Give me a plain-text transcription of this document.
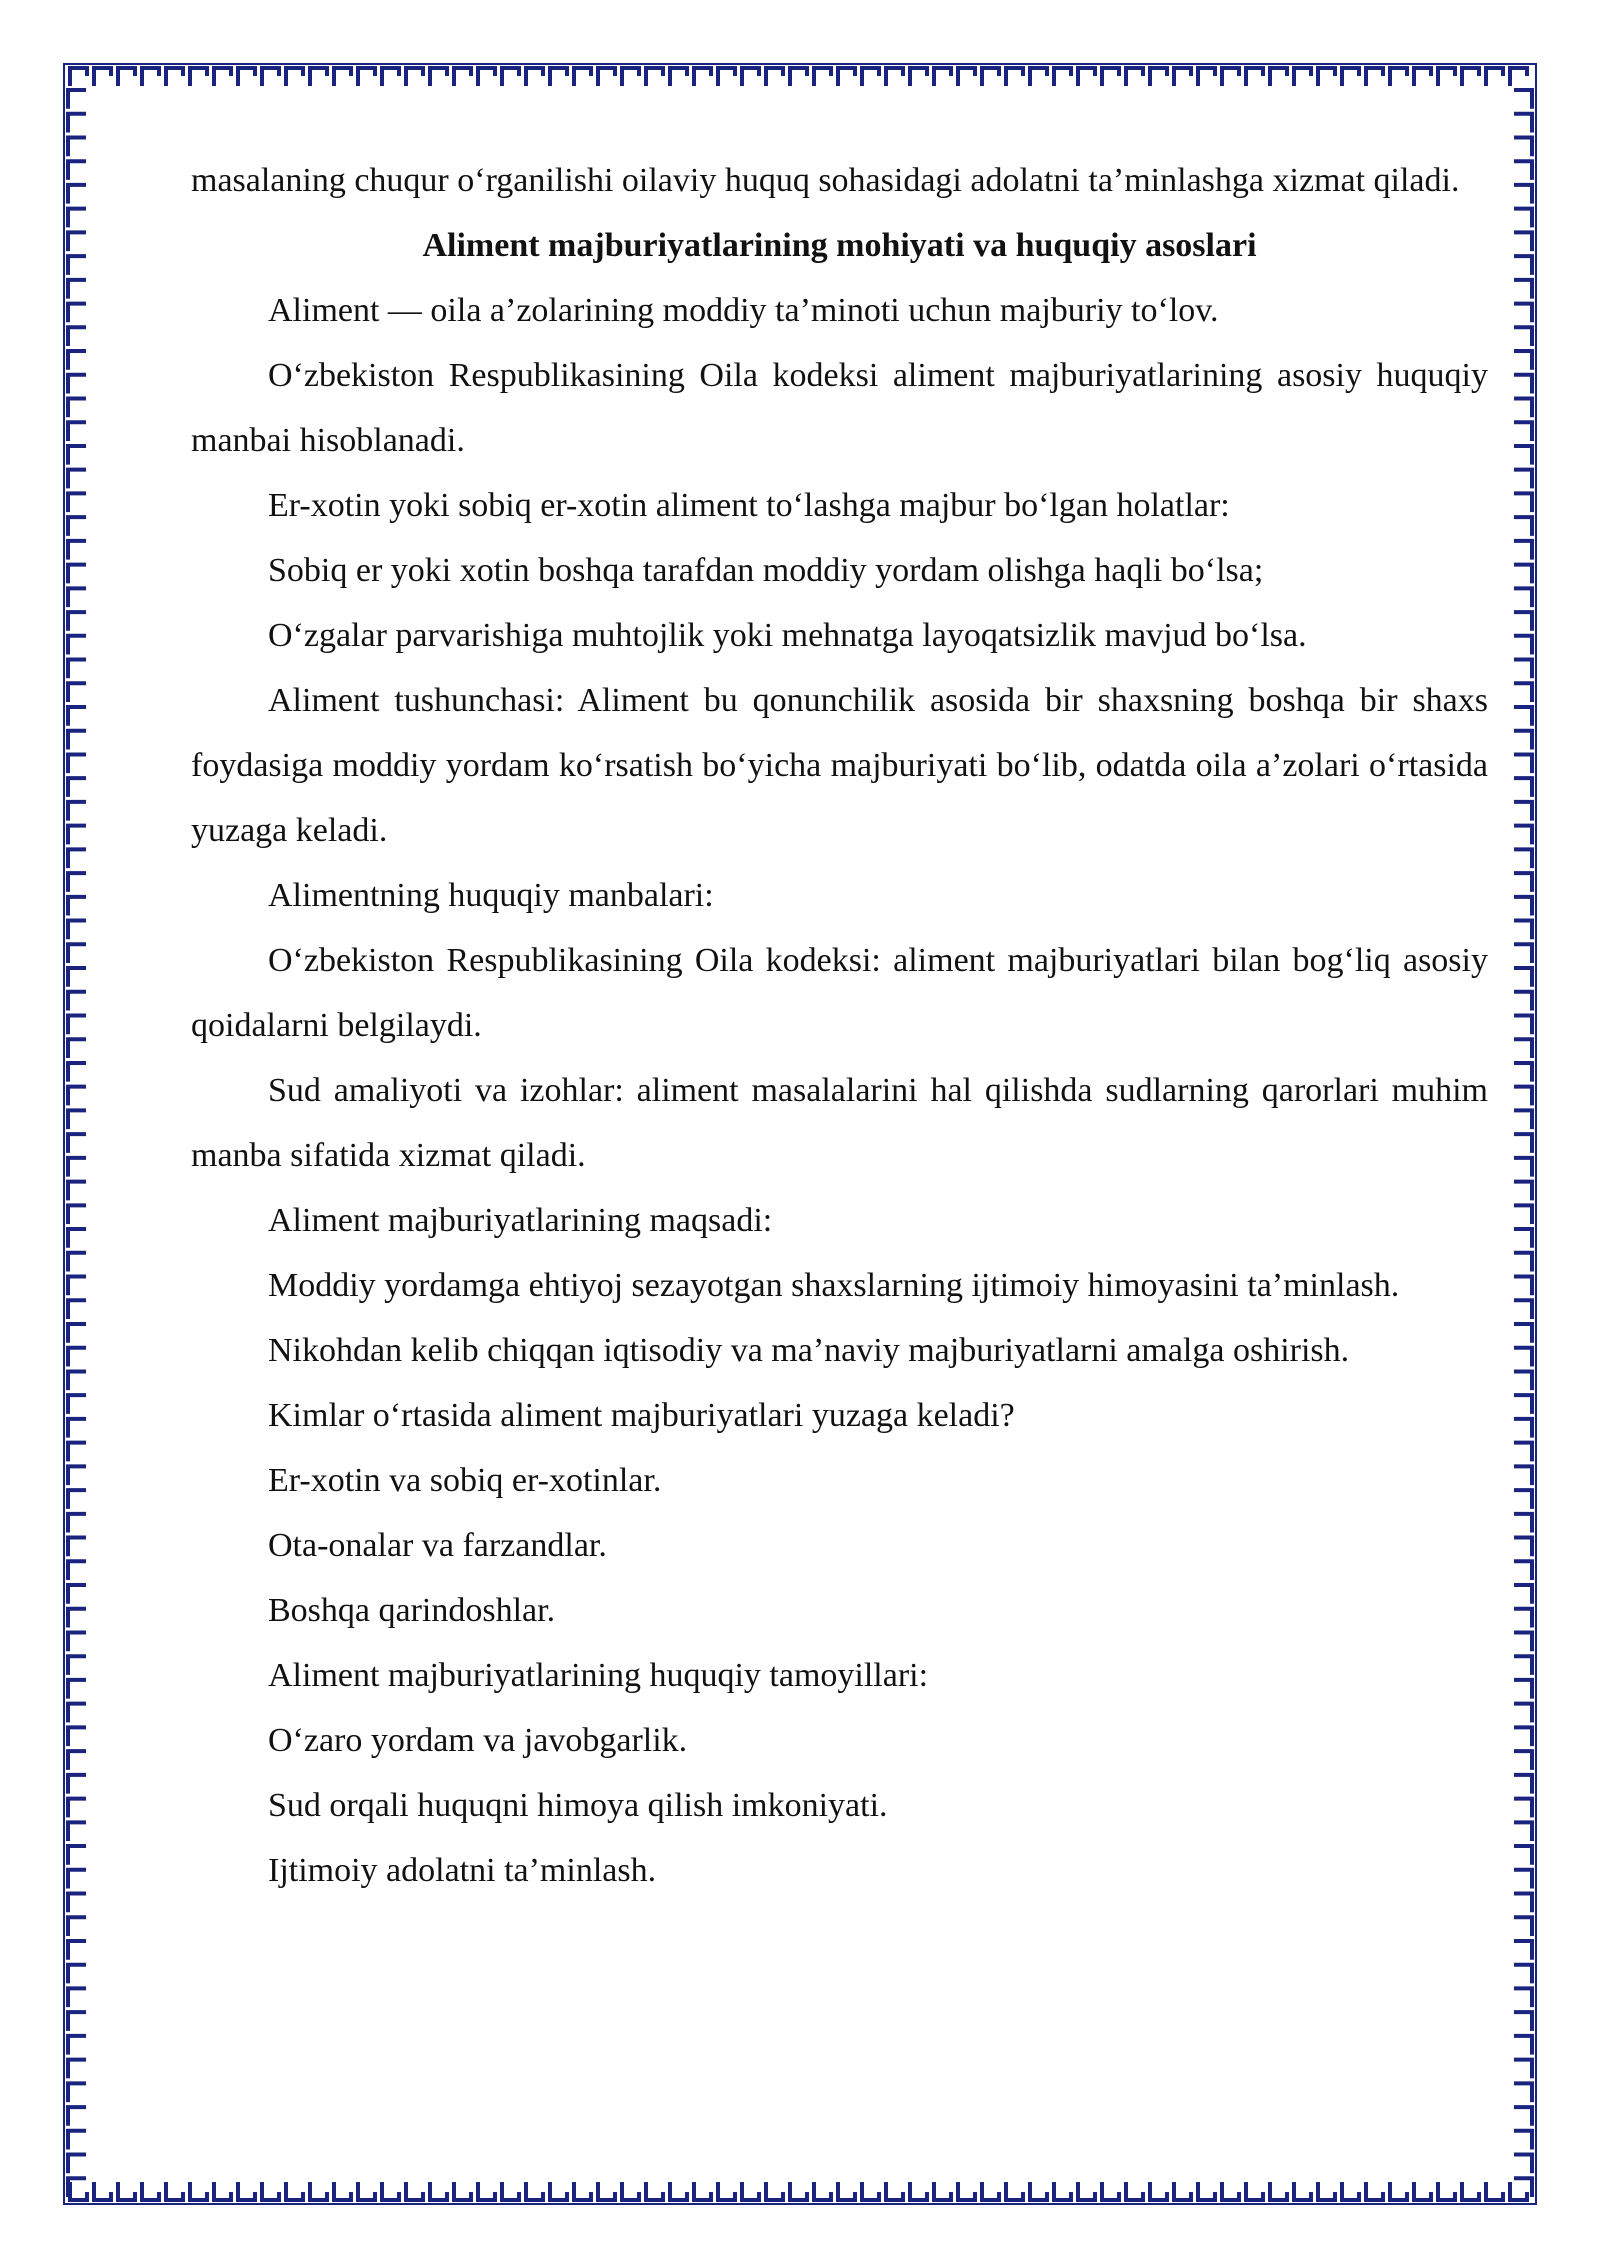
masalaning chuqur o‘rganilishi oilaviy huquq sohasidagi adolatni ta’minlashga xizmat qiladi.

Aliment majburiyatlarining mohiyati va huquqiy asoslari

Aliment — oila a’zolarining moddiy ta’minoti uchun majburiy to‘lov.

O‘zbekiston Respublikasining Oila kodeksi aliment majburiyatlarining asosiy huquqiy manbai hisoblanadi.

Er-xotin yoki sobiq er-xotin aliment to‘lashga majbur bo‘lgan holatlar:

Sobiq er yoki xotin boshqa tarafdan moddiy yordam olishga haqli bo‘lsa;

O‘zgalar parvarishiga muhtojlik yoki mehnatga layoqatsizlik mavjud bo‘lsa.

Aliment tushunchasi: Aliment bu qonunchilik asosida bir shaxsning boshqa bir shaxs foydasiga moddiy yordam ko‘rsatish bo‘yicha majburiyati bo‘lib, odatda oila a’zolari o‘rtasida yuzaga keladi.

Alimentning huquqiy manbalari:

O‘zbekiston Respublikasining Oila kodeksi: aliment majburiyatlari bilan bog‘liq asosiy qoidalarni belgilaydi.

Sud amaliyoti va izohlar: aliment masalalarini hal qilishda sudlarning qarorlari muhim manba sifatida xizmat qiladi.

Aliment majburiyatlarining maqsadi:

Moddiy yordamga ehtiyoj sezayotgan shaxslarning ijtimoiy himoyasini ta’minlash.

Nikohdan kelib chiqqan iqtisodiy va ma’naviy majburiyatlarni amalga oshirish.

Kimlar o‘rtasida aliment majburiyatlari yuzaga keladi?

Er-xotin va sobiq er-xotinlar.

Ota-onalar va farzandlar.

Boshqa qarindoshlar.

Aliment majburiyatlarining huquqiy tamoyillari:

O‘zaro yordam va javobgarlik.

Sud orqali huquqni himoya qilish imkoniyati.

Ijtimoiy adolatni ta’minlash.
